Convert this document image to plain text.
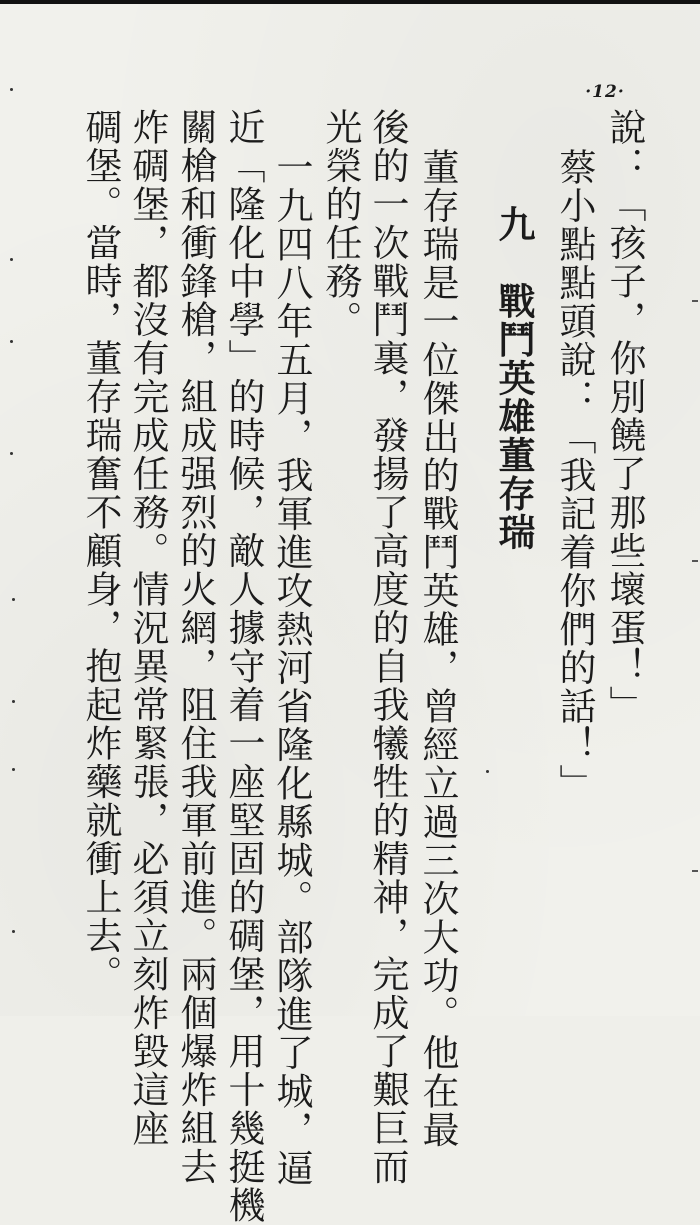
·12·
說：「孩子，你別饒了那些壞蛋！」
蔡小點點頭說：「我記着你們的話！」
九　戰鬥英雄董存瑞
董存瑞是一位傑出的戰鬥英雄，曾經立過三次大功。他在最
後的一次戰鬥裏，發揚了高度的自我犧牲的精神，完成了艱巨而
光榮的任務。
一九四八年五月，我軍進攻熱河省隆化縣城。部隊進了城，逼
近「隆化中學」的時候，敵人據守着一座堅固的碉堡，用十幾挺機
關槍和衝鋒槍，組成强烈的火網，阻住我軍前進。兩個爆炸組去
炸碉堡，都沒有完成任務。情況異常緊張，必須立刻炸毀這座
碉堡。當時，董存瑞奮不顧身，抱起炸藥就衝上去。
